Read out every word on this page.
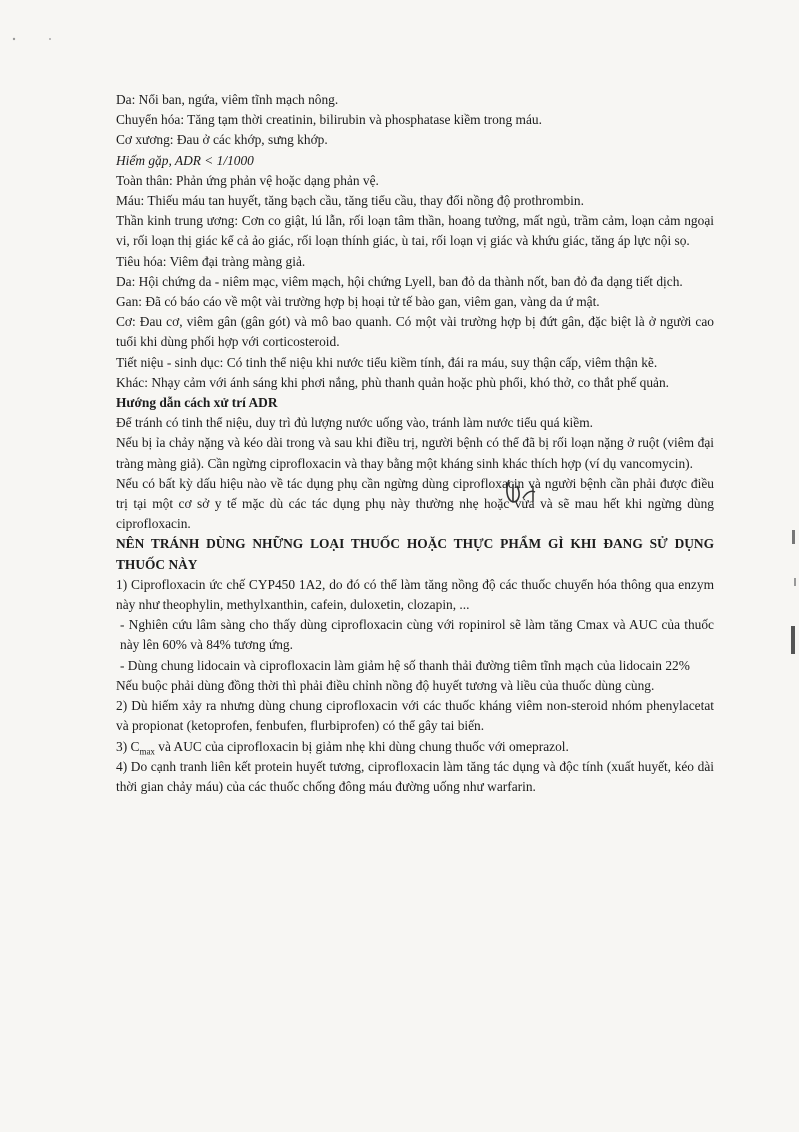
Da: Nổi ban, ngứa, viêm tĩnh mạch nông.

Chuyển hóa: Tăng tạm thời creatinin, bilirubin và phosphatase kiềm trong máu.

Cơ xương: Đau ở các khớp, sưng khớp.

Hiếm gặp, ADR < 1/1000

Toàn thân: Phản ứng phản vệ hoặc dạng phản vệ.

Máu: Thiếu máu tan huyết, tăng bạch cầu, tăng tiểu cầu, thay đổi nồng độ prothrombin.

Thần kinh trung ương: Cơn co giật, lú lẫn, rối loạn tâm thần, hoang tưởng, mất ngủ, trầm cảm, loạn cảm ngoại vi, rối loạn thị giác kể cả ảo giác, rối loạn thính giác, ù tai, rối loạn vị giác và khứu giác, tăng áp lực nội sọ.

Tiêu hóa: Viêm đại tràng màng giả.

Da: Hội chứng da - niêm mạc, viêm mạch, hội chứng Lyell, ban đỏ da thành nốt, ban đỏ đa dạng tiết dịch.

Gan: Đã có báo cáo về một vài trường hợp bị hoại tử tế bào gan, viêm gan, vàng da ứ mật.

Cơ: Đau cơ, viêm gân (gân gót) và mô bao quanh. Có một vài trường hợp bị đứt gân, đặc biệt là ở người cao tuổi khi dùng phối hợp với corticosteroid.

Tiết niệu - sinh dục: Có tinh thể niệu khi nước tiểu kiềm tính, đái ra máu, suy thận cấp, viêm thận kẽ.

Khác: Nhạy cảm với ánh sáng khi phơi nắng, phù thanh quản hoặc phù phổi, khó thở, co thắt phế quản.

Hướng dẫn cách xử trí ADR

Để tránh có tinh thể niệu, duy trì đủ lượng nước uống vào, tránh làm nước tiểu quá kiềm.

Nếu bị ỉa chảy nặng và kéo dài trong và sau khi điều trị, người bệnh có thể đã bị rối loạn nặng ở ruột (viêm đại tràng màng giả). Cần ngừng ciprofloxacin và thay bằng một kháng sinh khác thích hợp (ví dụ vancomycin).

Nếu có bất kỳ dấu hiệu nào về tác dụng phụ cần ngừng dùng ciprofloxacin và người bệnh cần phải được điều trị tại một cơ sở y tế mặc dù các tác dụng phụ này thường nhẹ hoặc vừa và sẽ mau hết khi ngừng dùng ciprofloxacin.

NÊN TRÁNH DÙNG NHỮNG LOẠI THUỐC HOẶC THỰC PHẨM GÌ KHI ĐANG SỬ DỤNG THUỐC NÀY

1) Ciprofloxacin ức chế CYP450 1A2, do đó có thể làm tăng nồng độ các thuốc chuyển hóa thông qua enzym này như theophylin, methylxanthin, cafein, duloxetin, clozapin, ...

- Nghiên cứu lâm sàng cho thấy dùng ciprofloxacin cùng với ropinirol sẽ làm tăng Cmax và AUC của thuốc này lên 60% và 84% tương ứng.

- Dùng chung lidocain và ciprofloxacin làm giảm hệ số thanh thải đường tiêm tĩnh mạch của lidocain 22%

Nếu buộc phải dùng đồng thời thì phải điều chỉnh nồng độ huyết tương và liều của thuốc dùng cùng.

2) Dù hiếm xảy ra nhưng dùng chung ciprofloxacin với các thuốc kháng viêm non-steroid nhóm phenylacetat và propionat (ketoprofen, fenbufen, flurbiprofen) có thể gây tai biến.

3) $C_{max}$ và AUC của ciprofloxacin bị giảm nhẹ khi dùng chung thuốc với omeprazol.

4) Do cạnh tranh liên kết protein huyết tương, ciprofloxacin làm tăng tác dụng và độc tính (xuất huyết, kéo dài thời gian chảy máu) của các thuốc chống đông máu đường uống như warfarin.
